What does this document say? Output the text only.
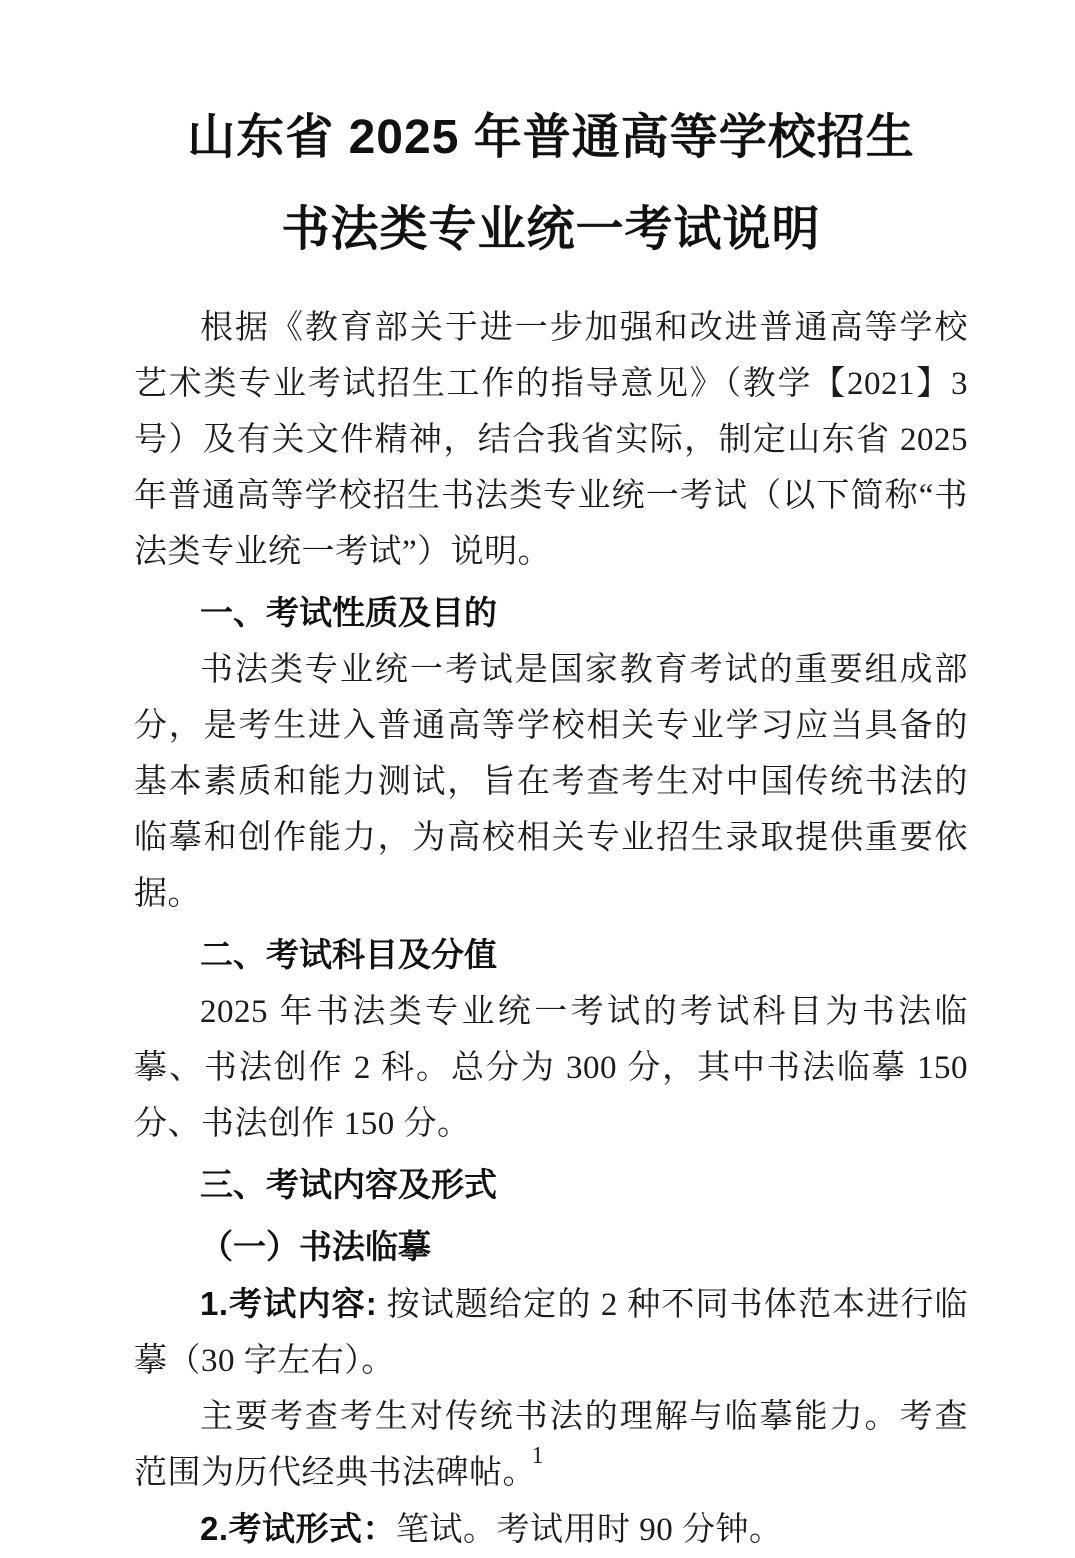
山东省 2025 年普通高等学校招生
书法类专业统一考试说明

根据《教育部关于进一步加强和改进普通高等学校艺术类专业考试招生工作的指导意见》（教学【2021】3 号）及有关文件精神，结合我省实际，制定山东省 2025 年普通高等学校招生书法类专业统一考试（以下简称“书法类专业统一考试”）说明。

一、考试性质及目的

书法类专业统一考试是国家教育考试的重要组成部分，是考生进入普通高等学校相关专业学习应当具备的基本素质和能力测试，旨在考查考生对中国传统书法的临摹和创作能力，为高校相关专业招生录取提供重要依据。

二、考试科目及分值

2025 年书法类专业统一考试的考试科目为书法临摹、书法创作 2 科。总分为 300 分，其中书法临摹 150 分、书法创作 150 分。

三、考试内容及形式
（一）书法临摹

1.考试内容: 按试题给定的 2 种不同书体范本进行临摹（30 字左右）。

主要考查考生对传统书法的理解与临摹能力。考查范围为历代经典书法碑帖。

2.考试形式：笔试。考试用时 90 分钟。

1
